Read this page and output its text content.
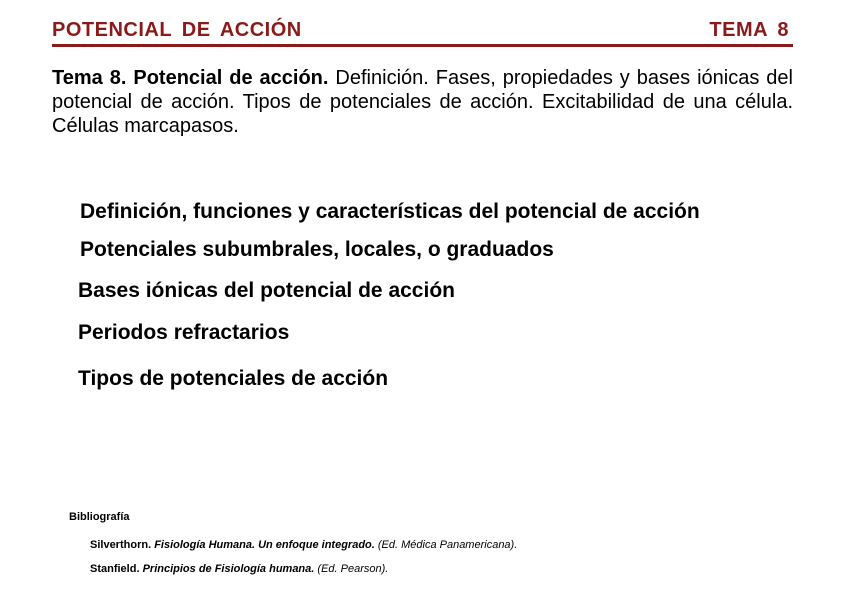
POTENCIAL DE ACCIÓN	TEMA 8
Tema 8. Potencial de acción. Definición. Fases, propiedades y bases iónicas del potencial de acción. Tipos de potenciales de acción. Excitabilidad de una célula. Células marcapasos.
Definición, funciones y características del potencial de acción
Potenciales subumbrales, locales, o graduados
Bases iónicas del potencial de acción
Periodos refractarios
Tipos de potenciales de acción
Bibliografía
Silverthorn. Fisiología Humana. Un enfoque integrado. (Ed. Médica Panamericana).
Stanfield. Principios de Fisiología humana. (Ed. Pearson).
